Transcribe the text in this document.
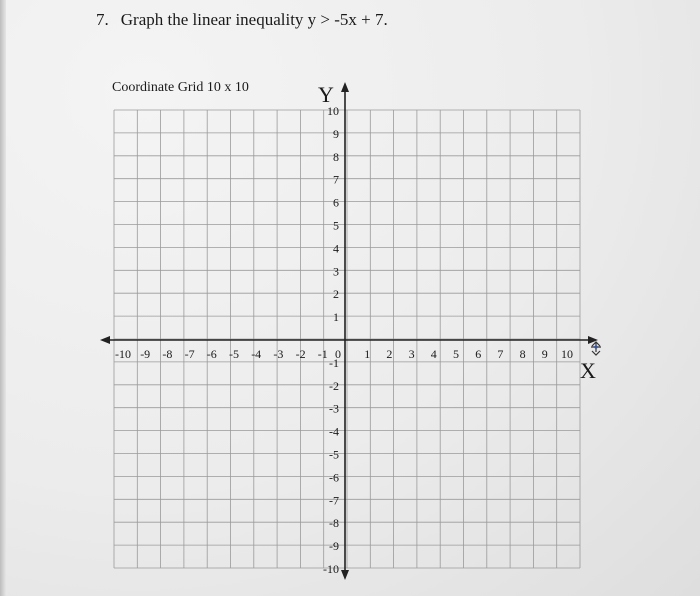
7. Graph the linear inequality y > -5x + 7.
Coordinate Grid 10 x 10
-10 -9 -8 -7 -6 -5 -4 -3 -2 -1 0 1 2 3 4 5 6 7 8 9 10
10
9
8
7
6
5
4
3
2
1
-1
-2
-3
-4
-5
-6
-7
-8
-9
-10
Y
X
